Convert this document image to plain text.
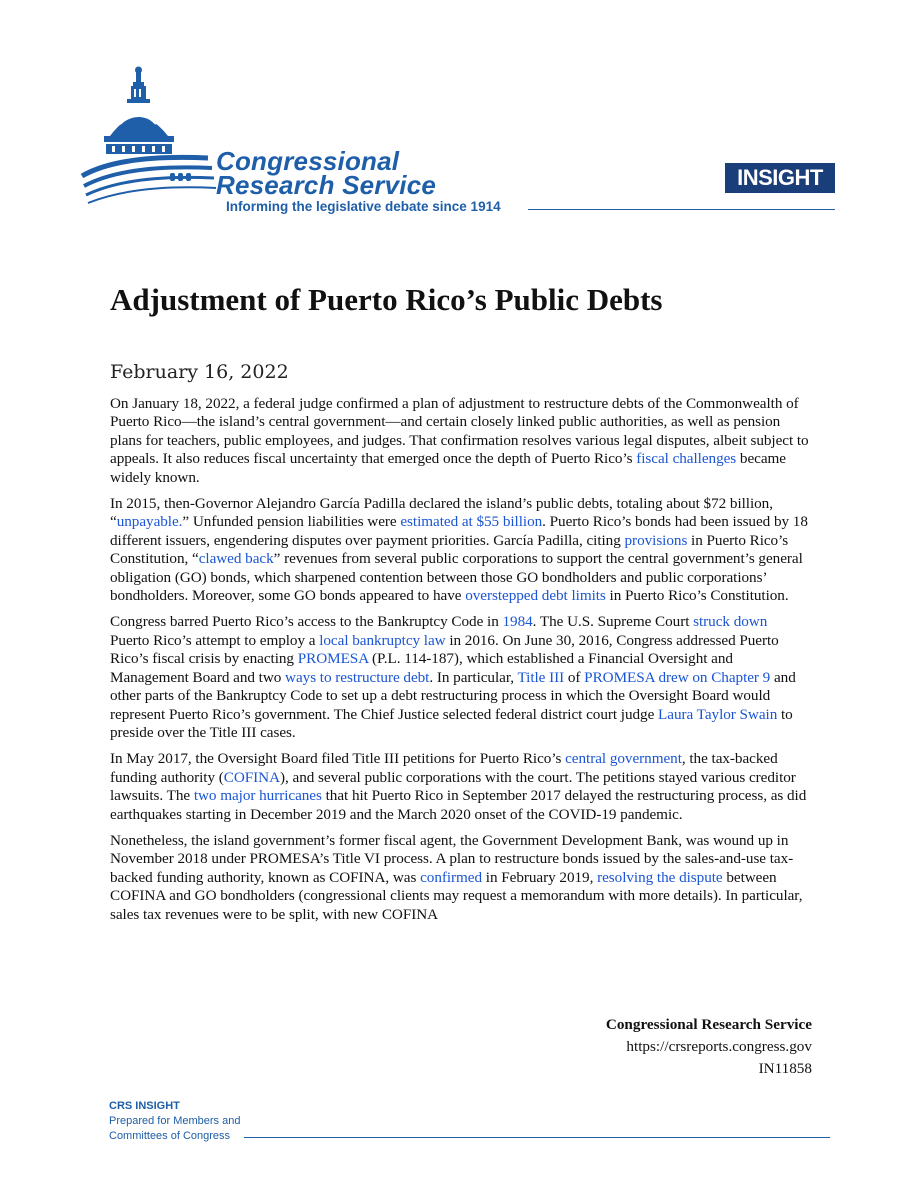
Congressional
Research Service
Informing the legislative debate since 1914
INSIGHT
Adjustment of Puerto Rico’s Public Debts
February 16, 2022

On January 18, 2022, a federal judge confirmed a plan of adjustment to restructure debts of the Commonwealth of Puerto Rico—the island’s central government—and certain closely linked public authorities, as well as pension plans for teachers, public employees, and judges. That confirmation resolves various legal disputes, albeit subject to appeals. It also reduces fiscal uncertainty that emerged once the depth of Puerto Rico’s fiscal challenges became widely known.

In 2015, then-Governor Alejandro García Padilla declared the island’s public debts, totaling about $72 billion, “unpayable.” Unfunded pension liabilities were estimated at $55 billion. Puerto Rico’s bonds had been issued by 18 different issuers, engendering disputes over payment priorities. García Padilla, citing provisions in Puerto Rico’s Constitution, “clawed back” revenues from several public corporations to support the central government’s general obligation (GO) bonds, which sharpened contention between those GO bondholders and public corporations’ bondholders. Moreover, some GO bonds appeared to have overstepped debt limits in Puerto Rico’s Constitution.

Congress barred Puerto Rico’s access to the Bankruptcy Code in 1984. The U.S. Supreme Court struck down Puerto Rico’s attempt to employ a local bankruptcy law in 2016. On June 30, 2016, Congress addressed Puerto Rico’s fiscal crisis by enacting PROMESA (P.L. 114-187), which established a Financial Oversight and Management Board and two ways to restructure debt. In particular, Title III of PROMESA drew on Chapter 9 and other parts of the Bankruptcy Code to set up a debt restructuring process in which the Oversight Board would represent Puerto Rico’s government. The Chief Justice selected federal district court judge Laura Taylor Swain to preside over the Title III cases.

In May 2017, the Oversight Board filed Title III petitions for Puerto Rico’s central government, the tax-backed funding authority (COFINA), and several public corporations with the court. The petitions stayed various creditor lawsuits. The two major hurricanes that hit Puerto Rico in September 2017 delayed the restructuring process, as did earthquakes starting in December 2019 and the March 2020 onset of the COVID-19 pandemic.

Nonetheless, the island government’s former fiscal agent, the Government Development Bank, was wound up in November 2018 under PROMESA’s Title VI process. A plan to restructure bonds issued by the sales-and-use tax-backed funding authority, known as COFINA, was confirmed in February 2019, resolving the dispute between COFINA and GO bondholders (congressional clients may request a memorandum with more details). In particular, sales tax revenues were to be split, with new COFINA

Congressional Research Service
https://crsreports.congress.gov
IN11858
CRS INSIGHT
Prepared for Members and
Committees of Congress
